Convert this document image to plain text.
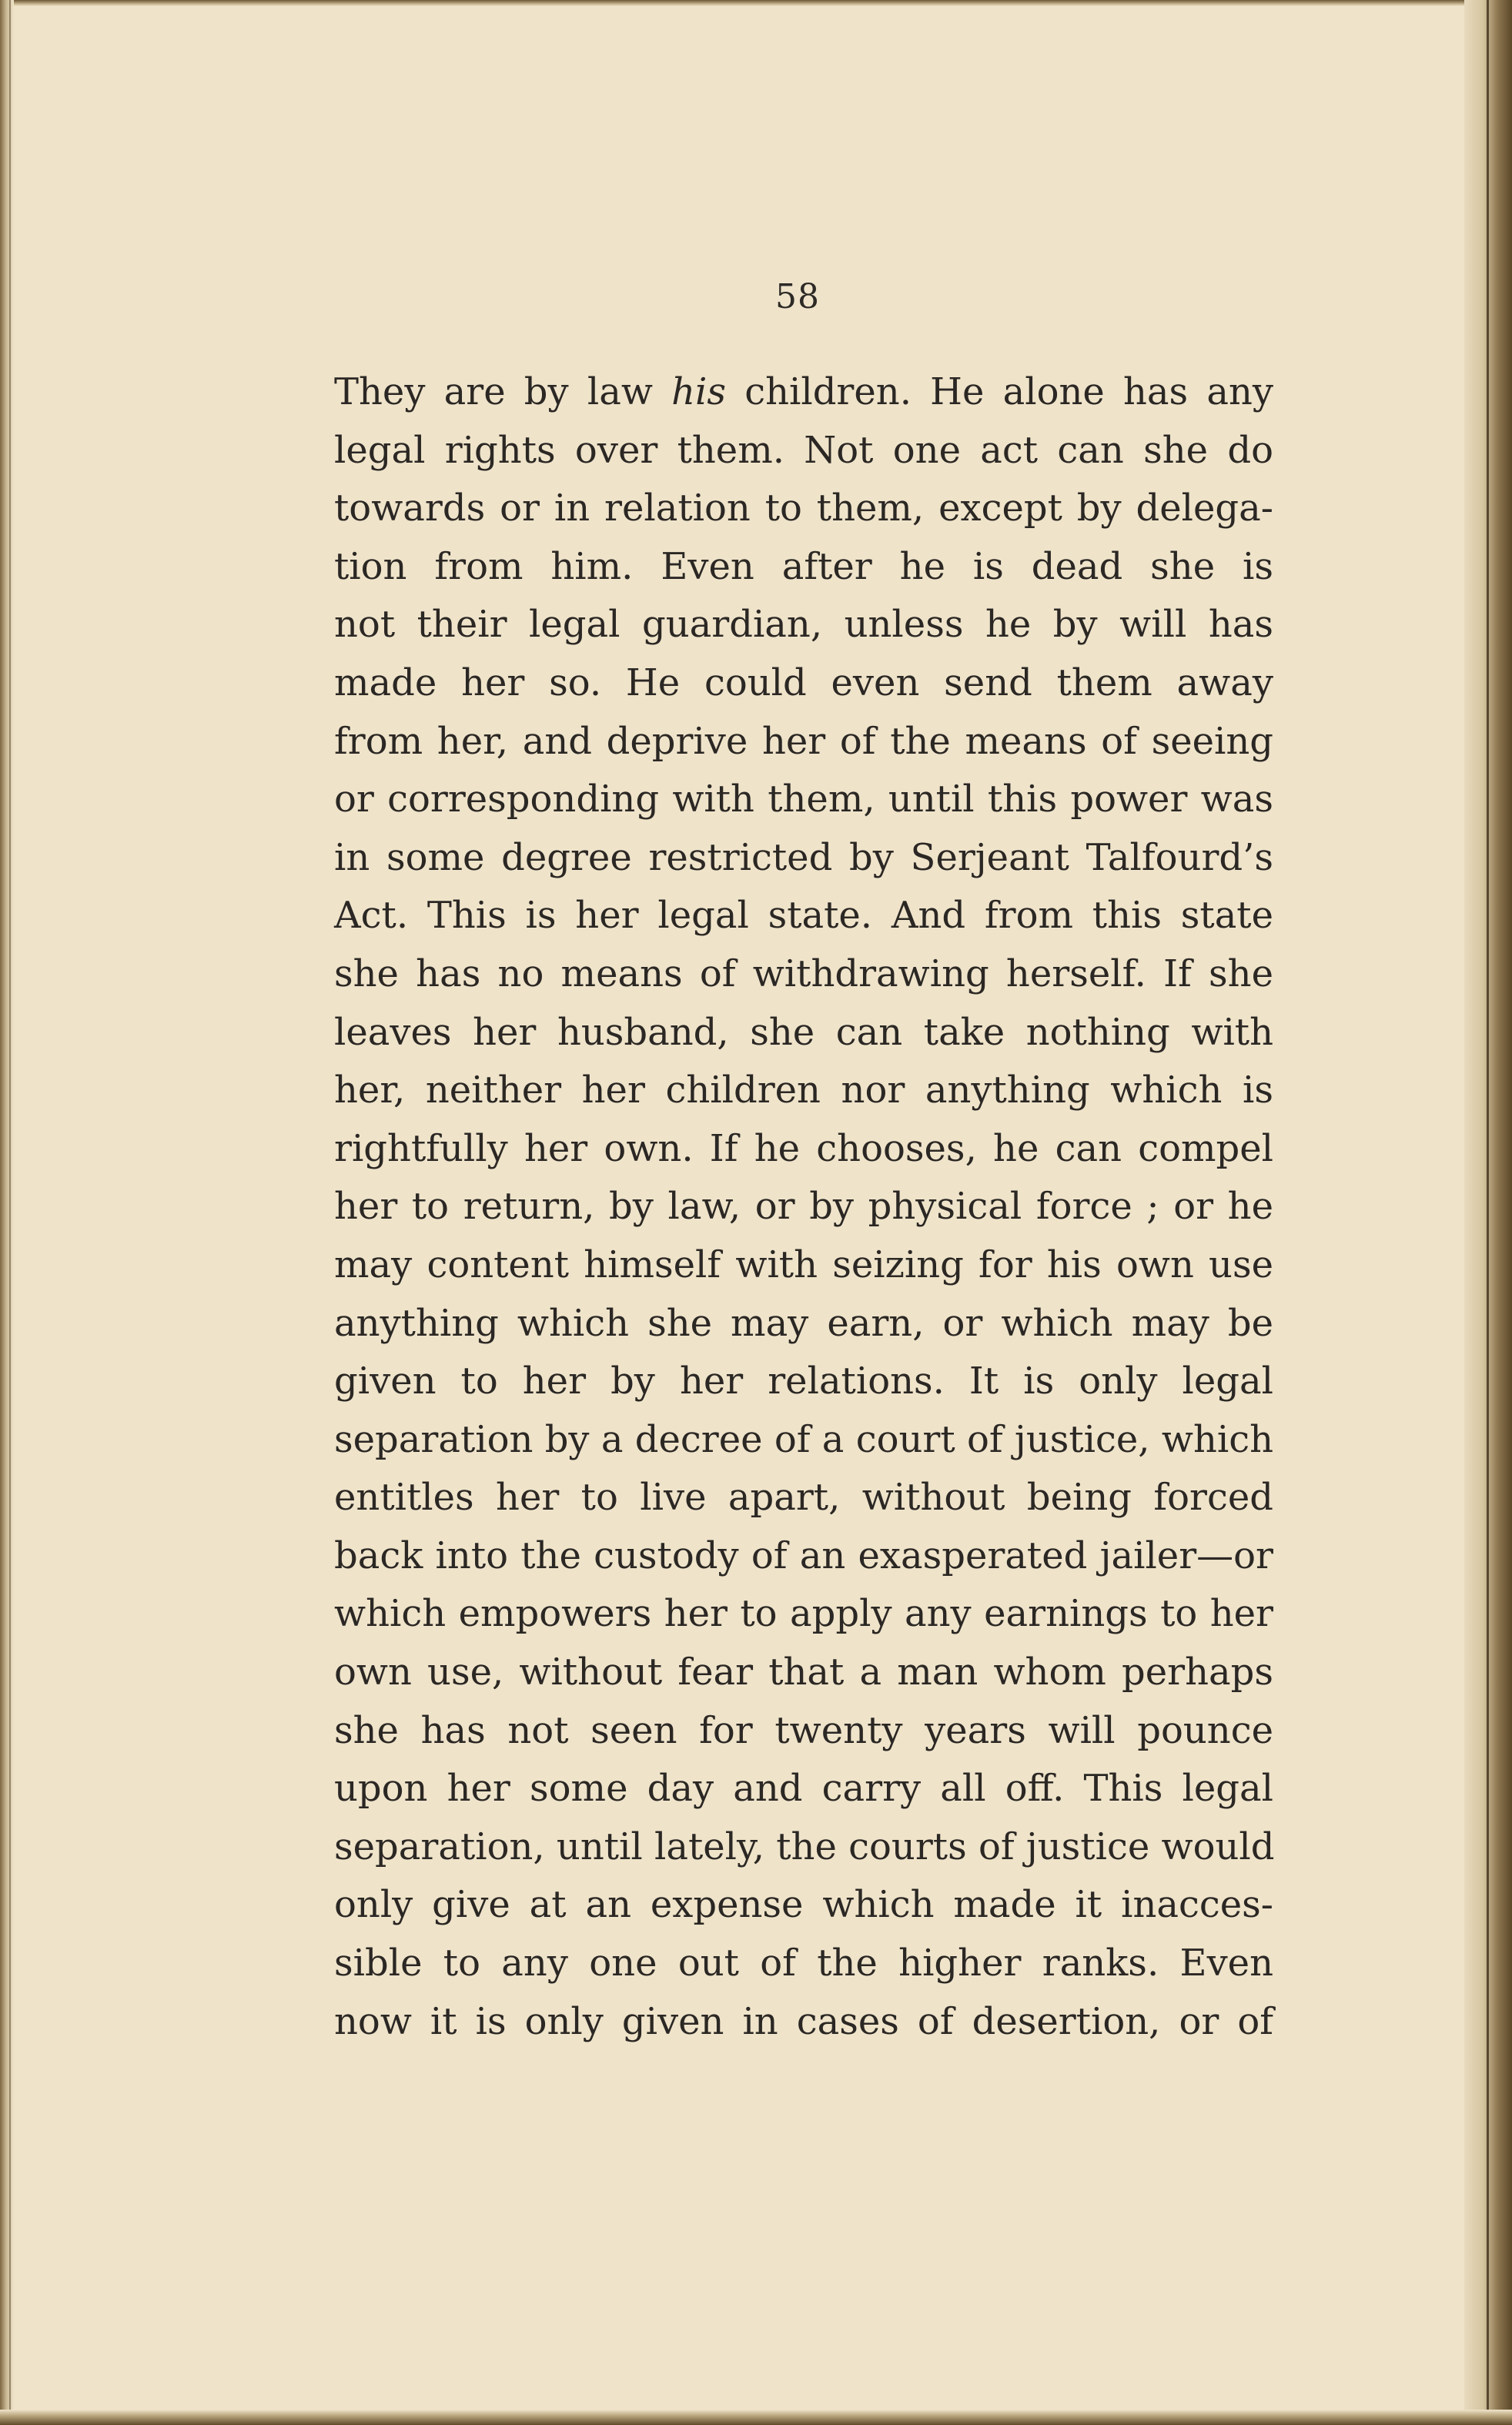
58
They are by law his children. He alone has any
legal rights over them. Not one act can she do
towards or in relation to them, except by delega-
tion from him. Even after he is dead she is
not their legal guardian, unless he by will has
made her so. He could even send them away
from her, and deprive her of the means of seeing
or corresponding with them, until this power was
in some degree restricted by Serjeant Talfourd’s
Act. This is her legal state. And from this state
she has no means of withdrawing herself. If she
leaves her husband, she can take nothing with
her, neither her children nor anything which is
rightfully her own. If he chooses, he can compel
her to return, by law, or by physical force ; or he
may content himself with seizing for his own use
anything which she may earn, or which may be
given to her by her relations. It is only legal
separation by a decree of a court of justice, which
entitles her to live apart, without being forced
back into the custody of an exasperated jailer—or
which empowers her to apply any earnings to her
own use, without fear that a man whom perhaps
she has not seen for twenty years will pounce
upon her some day and carry all off. This legal
separation, until lately, the courts of justice would
only give at an expense which made it inacces-
sible to any one out of the higher ranks. Even
now it is only given in cases of desertion, or of
